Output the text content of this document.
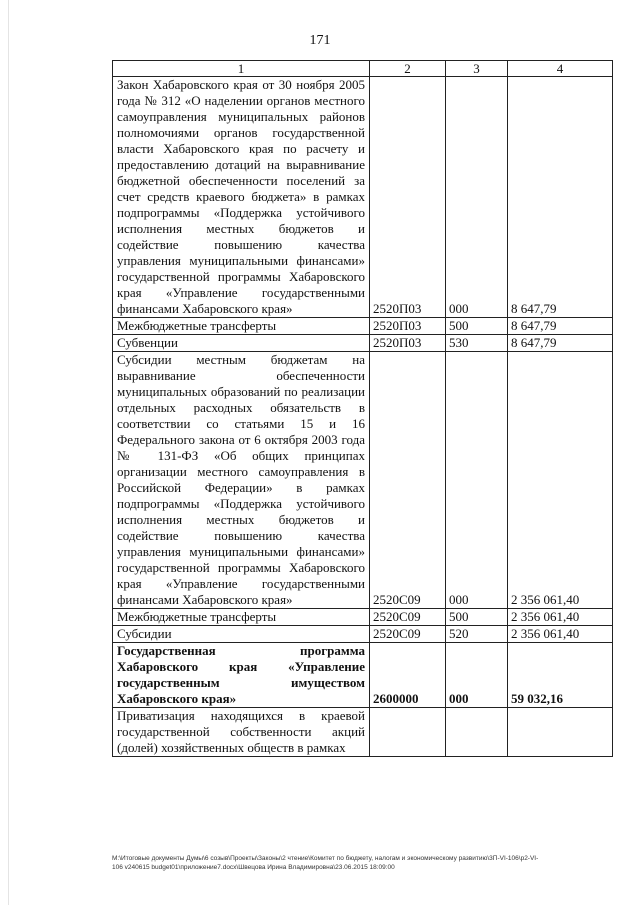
171
1	2	3	4
Закон Хабаровского края от 30 ноября 2005 года № 312 «О наделении органов местного самоуправления муниципальных районов полномочиями органов государственной власти Хабаровского края по расчету и предоставлению дотаций на выравнивание бюджетной обеспеченности поселений за счет средств краевого бюджета» в рамках подпрограммы «Поддержка устойчивого исполнения местных бюджетов и содействие повышению качества управления муниципальными финансами» государственной программы Хабаровского края «Управление государственными финансами Хабаровского края»	2520П03	000	8 647,79
Межбюджетные трансферты	2520П03	500	8 647,79
Субвенции	2520П03	530	8 647,79
Субсидии местным бюджетам на выравнивание обеспеченности муниципальных образований по реализации отдельных расходных обязательств в соответствии со статьями 15 и 16 Федерального закона от 6 октября 2003 года № 131-ФЗ «Об общих принципах организации местного самоуправления в Российской Федерации» в рамках подпрограммы «Поддержка устойчивого исполнения местных бюджетов и содействие повышению качества управления муниципальными финансами» государственной программы Хабаровского края «Управление государственными финансами Хабаровского края»	2520С09	000	2 356 061,40
Межбюджетные трансферты	2520С09	500	2 356 061,40
Субсидии	2520С09	520	2 356 061,40
Государственная программа Хабаровского края «Управление государственным имуществом Хабаровского края»	2600000	000	59 032,16
Приватизация находящихся в краевой государственной собственности акций (долей) хозяйственных обществ в рамках			
M:\Итоговые документы Думы\6 созыв\Проекты\Законы\2 чтение\Комитет по бюджету, налогам и экономическому развитию\3П-VI-106\р2-VI-
106 v240615 budget01\приложение7.docx\Швецова Ирина Владимировна\23.06.2015 18:09:00
